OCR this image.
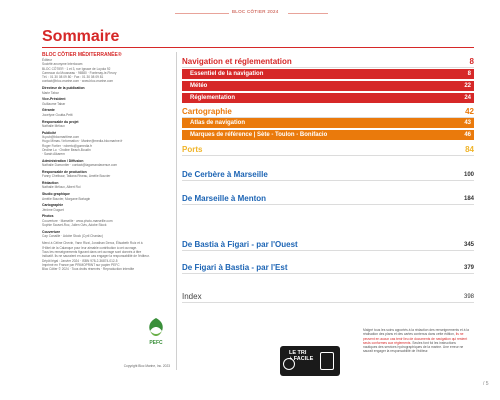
BLOC CÔTIER 2024
Sommaire
BLOC CÔTIER MÉDITERRANÉE®
Éditeur
Société anonyme Interlocam
BLOC CÔTIER · 1 et 3, rue Ignace de Loyola 92
Carreaux du Mousseau · 96580 · Fontenay-le-Fleury
Tél. : 01 30 08 09 80 · Fax : 01 30 08 09 81
contact@bloc-marine.com · www.bloc-marine.com
Directeur de la publication
Marie Tabar
Vice-Président
Guillaume Tabar
Gérante
Jocelyne Goutta-Petit
Responsable du projet
Nathalie Méloux
Publicité
lb-pub@blocmaritime.com
Hugo Mimas / Information · Marine@media-blocmarine.fr
Roger Fortier · roberto@gomedia.fr
Ondine Lo · Ondine Beach-Boudin
· Sarah Alkarem
Administration / Diffusion
Nathalie Dumontier · contact@lagomandavenue.com
Responsable de production
Fanny Chelbaur, Tatiana Riveau, Amélie Bouvier
Rédaction
Nathalie Méloux, Albert Roi
Studio graphique
Amélie Bouvier, Morgane Borlagin
Cartographie
Jérôme Duguet
Photos
Couverture · Marseille · www.photo-marseille.com
Sophie Sauvet-Roc, Julien Ovis, Adobe Stock
Couverture
Cap Canaille · Adobe Stock (Cyril Chaniac)
Merci à Céline Chevin, Yann Rizzi, Jonathan Deroz, Élisabeth Ruiz et à
l'Hôtel de la Calanque pour leur aimable contribution à cet ouvrage.
Tous les renseignements figurant dans cet ouvrage sont donnés à titre
indicatif. Ils ne sauraient en aucun cas engager la responsabilité de l'éditeur.
Dépôt légal : Janvier 2024 · ISBN 978-2-36874-012-5
Imprimé en France par PRIMOPRINT sur papier PEFC
Bloc Côtier © 2024 · Tous droits réservés · Reproduction interdite
Copyright Bloc Marine, Inc. 2023
PEFC
Navigation et réglementation	8
Essentiel de la navigation	8
Météo	22
Réglementation	24
Cartographie	42
Atlas de navigation	43
Marques de référence | Sète - Toulon - Bonifacio	46
Ports	84
De Cerbère à Marseille	100
De Marseille à Menton	184
De Bastia à Figari - par l'Ouest	345
De Figari à Bastia - par l'Est	379
Index	398
LE TRI
+ FACILE
Malgré tous les soins apportés à la rédaction des renseignements et à la réalisation des plans et des cartes contenus dans cette édition, ils ne peuvent en aucun cas tenir lieu de documents de navigation qui restent seuls conformes aux règlements. Seules font foi les instructions nautiques des services hydrographiques de la marine. Une erreur ne saurait engager la responsabilité de l'éditeur.
/ 5
